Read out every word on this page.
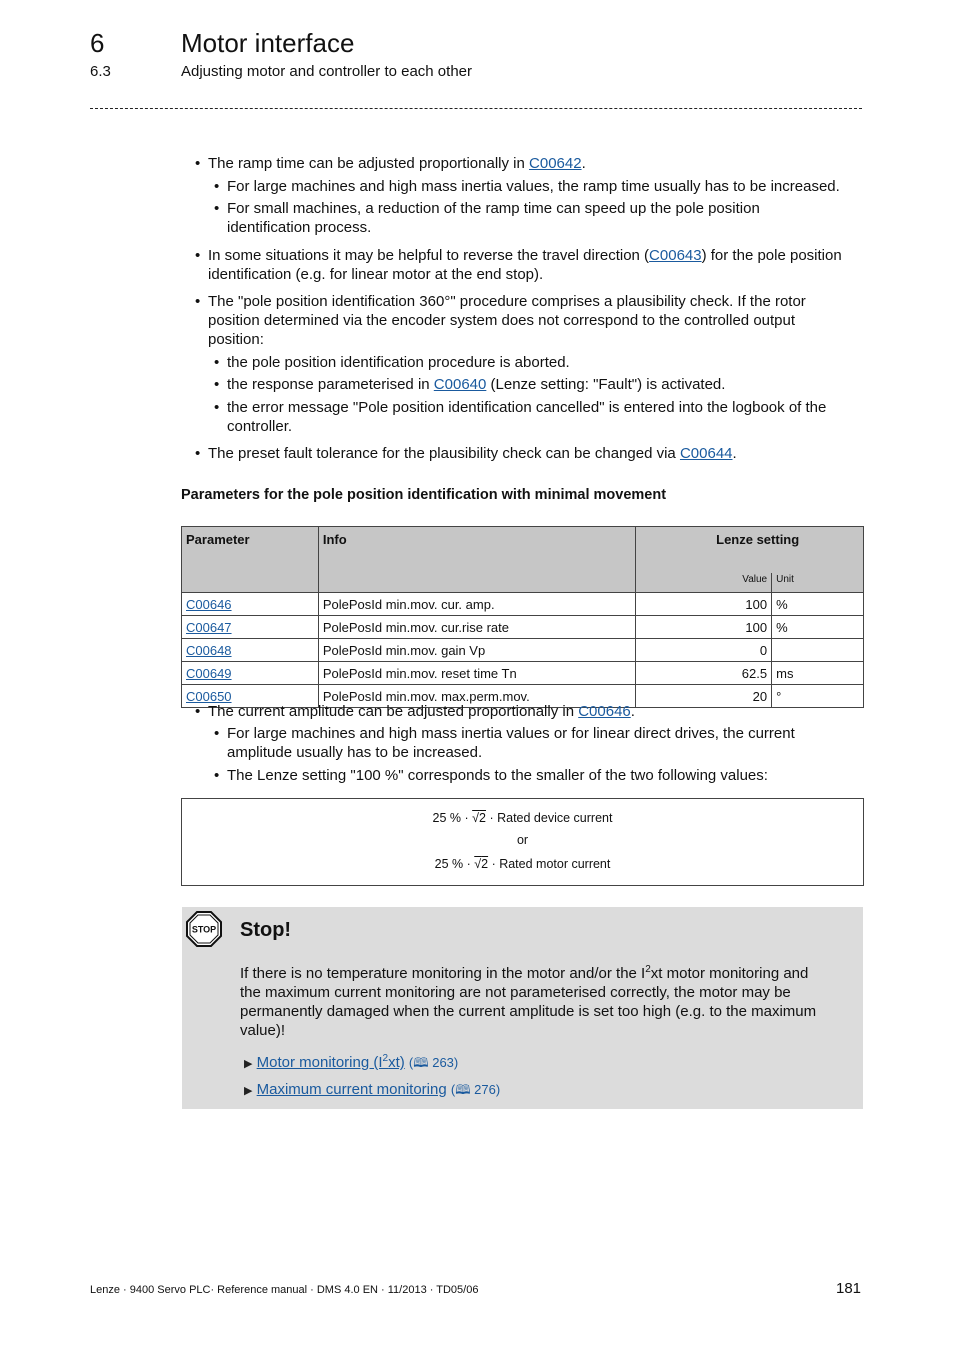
6	Motor interface
6.3	Adjusting motor and controller to each other
• The ramp time can be adjusted proportionally in C00642.
• For large machines and high mass inertia values, the ramp time usually has to be increased.
• For small machines, a reduction of the ramp time can speed up the pole position
identification process.
• In some situations it may be helpful to reverse the travel direction (C00643) for the pole position
identification (e.g. for linear motor at the end stop).
• The "pole position identification 360°" procedure comprises a plausibility check. If the rotor
position determined via the encoder system does not correspond to the controlled output
position:
• the pole position identification procedure is aborted.
• the response parameterised in C00640 (Lenze setting: "Fault") is activated.
• the error message "Pole position identification cancelled" is entered into the logbook of the
controller.
• The preset fault tolerance for the plausibility check can be changed via C00644.
Parameters for the pole position identification with minimal movement
Parameter	Info	Lenze setting	
		Value	Unit
C00646	PolePosId min.mov. cur. amp.	100	%
C00647	PolePosId min.mov. cur.rise rate	100	%
C00648	PolePosId min.mov. gain Vp	0	
C00649	PolePosId min.mov. reset time Tn	62.5	ms
C00650	PolePosId min.mov. max.perm.mov.	20	°
• The current amplitude can be adjusted proportionally in C00646.
• For large machines and high mass inertia values or for linear direct drives, the current
amplitude usually has to be increased.
• The Lenze setting "100 %" corresponds to the smaller of the two following values:
25 % · √2 · Rated device current
or
25 % · √2 · Rated motor current
STOP Stop!
If there is no temperature monitoring in the motor and/or the $I^2xt$ motor monitoring and
the maximum current monitoring are not parameterised correctly, the motor may be
permanently damaged when the current amplitude is set too high (e.g. to the maximum
value)!
▶ Motor monitoring $(I^2xt)$ (🕮 263)
▶ Maximum current monitoring (🕮 276)
Lenze · 9400 Servo PLC· Reference manual · DMS 4.0 EN · 11/2013 · TD05/06	181
